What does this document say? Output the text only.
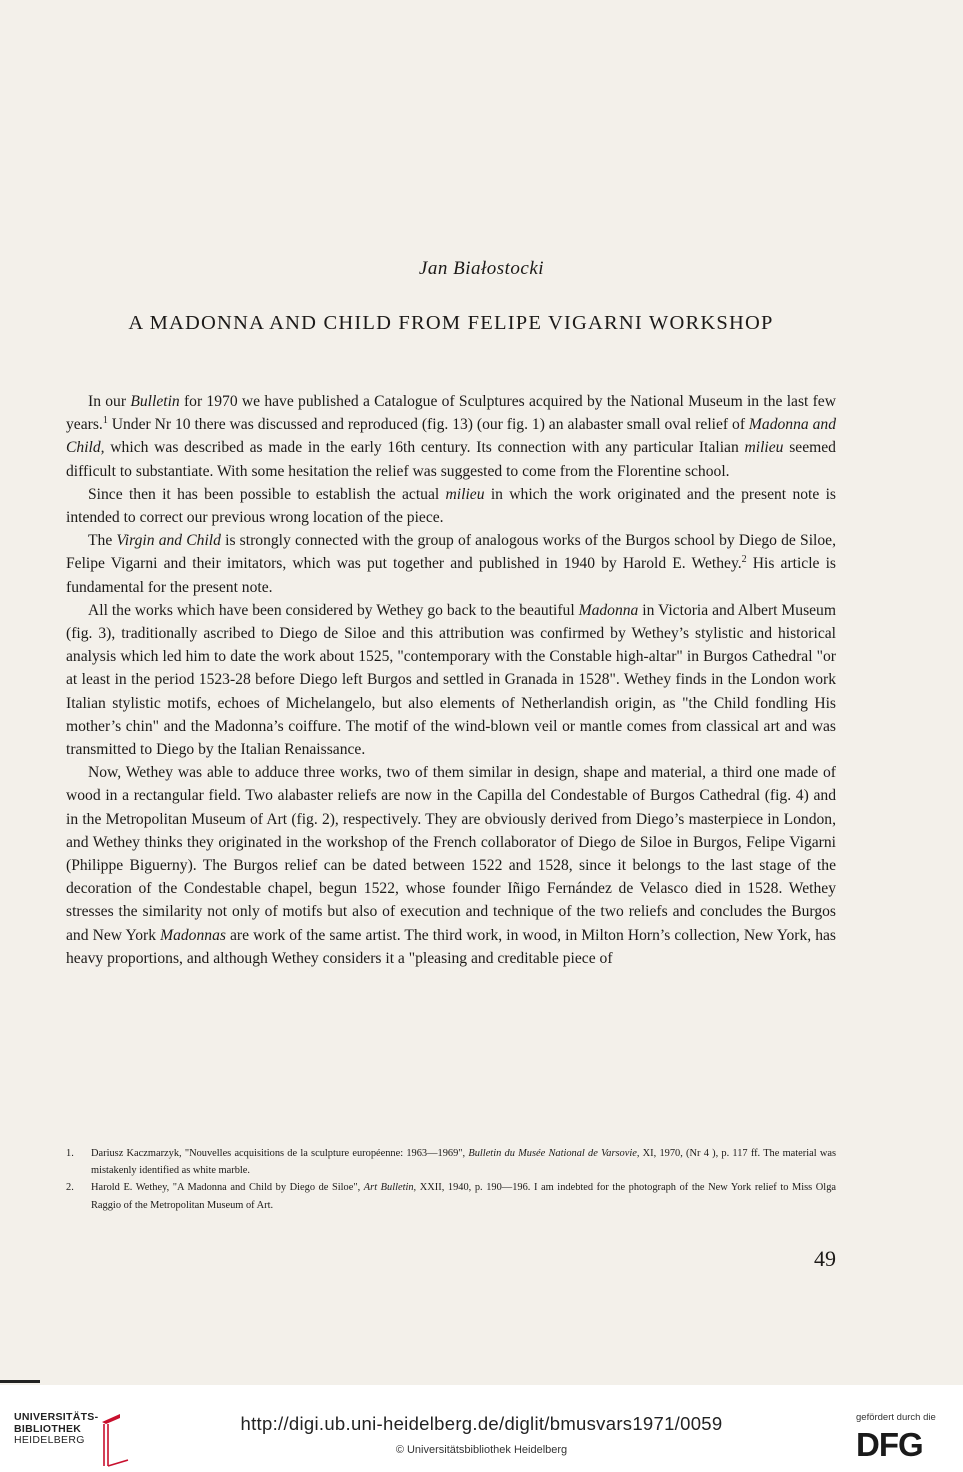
Jan Białostocki
A MADONNA AND CHILD FROM FELIPE VIGARNI WORKSHOP

In our Bulletin for 1970 we have published a Catalogue of Sculptures acquired by the National Museum in the last few years.$^1$ Under Nr 10 there was discussed and reproduced (fig. 13) (our fig. 1) an alabaster small oval relief of Madonna and Child, which was described as made in the early 16th century. Its connection with any particular Italian milieu seemed difficult to substantiate. With some hesitation the relief was suggested to come from the Florentine school.

Since then it has been possible to establish the actual milieu in which the work originated and the present note is intended to correct our previous wrong location of the piece.

The Virgin and Child is strongly connected with the group of analogous works of the Burgos school by Diego de Siloe, Felipe Vigarni and their imitators, which was put together and published in 1940 by Harold E. Wethey.$^2$ His article is fundamental for the present note.

All the works which have been considered by Wethey go back to the beautiful Madonna in Victoria and Albert Museum (fig. 3), traditionally ascribed to Diego de Siloe and this attribution was confirmed by Wethey’s stylistic and historical analysis which led him to date the work about 1525, "contemporary with the Constable high-altar" in Burgos Cathedral "or at least in the period 1523-28 before Diego left Burgos and settled in Granada in 1528". Wethey finds in the London work Italian stylistic motifs, echoes of Michelangelo, but also elements of Netherlandish origin, as "the Child fondling His mother’s chin" and the Madonna’s coiffure. The motif of the wind-blown veil or mantle comes from classical art and was transmitted to Diego by the Italian Renaissance.

Now, Wethey was able to adduce three works, two of them similar in design, shape and material, a third one made of wood in a rectangular field. Two alabaster reliefs are now in the Capilla del Condestable of Burgos Cathedral (fig. 4) and in the Metropolitan Museum of Art (fig. 2), respectively. They are obviously derived from Diego’s masterpiece in London, and Wethey thinks they originated in the workshop of the French collaborator of Diego de Siloe in Burgos, Felipe Vigarni (Philippe Biguerny). The Burgos relief can be dated between 1522 and 1528, since it belongs to the last stage of the decoration of the Condestable chapel, begun 1522, whose founder Iñigo Fernández de Velasco died in 1528. Wethey stresses the similarity not only of motifs but also of execution and technique of the two reliefs and concludes the Burgos and New York Madonnas are work of the same artist. The third work, in wood, in Milton Horn’s collection, New York, has heavy proportions, and although Wethey considers it a "pleasing and creditable piece of

1. Dariusz Kaczmarzyk, "Nouvelles acquisitions de la sculpture européenne: 1963—1969", Bulletin du Musée National de Varsovie, XI, 1970, (Nr 4 ), p. 117 ff. The material was mistakenly identified as white marble.
2. Harold E. Wethey, "A Madonna and Child by Diego de Siloe", Art Bulletin, XXII, 1940, p. 190—196. I am indebted for the photograph of the New York relief to Miss Olga Raggio of the Metropolitan Museum of Art.
49
UNIVERSITÄTS-
BIBLIOTHEK
HEIDELBERG
http://digi.ub.uni-heidelberg.de/diglit/bmusvars1971/0059
© Universitätsbibliothek Heidelberg
gefördert durch die
DFG
